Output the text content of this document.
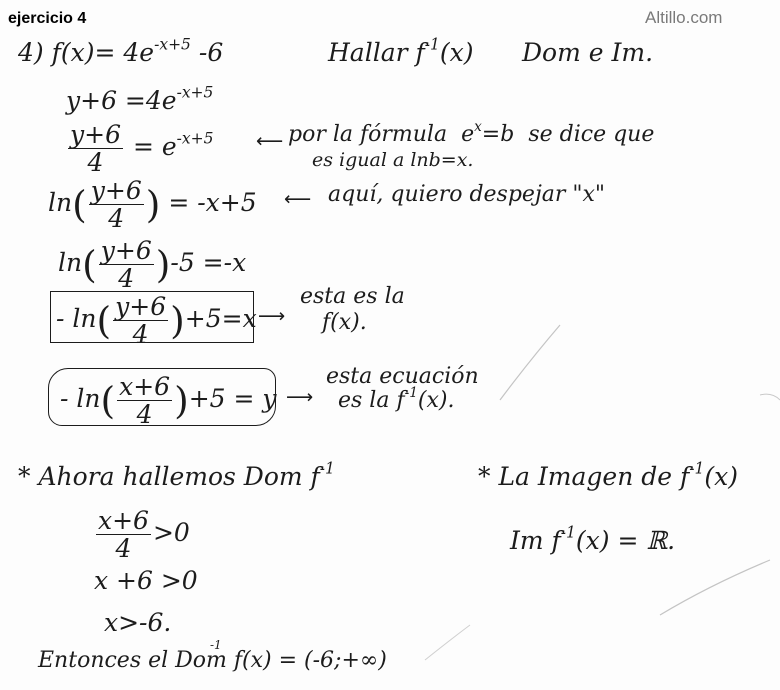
ejercicio 4	Altillo.com
4) $f(x)= 4e^{-x+5}$ -6	Hallar $f^{-1}(x)$ Dom e Im.
$y+6 =4e^{-x+5}$
$\frac{y+6}{4} = e^{-x+5}$ ⟵ por la fórmula $e^x=b$ se dice que
es igual a lnb=x.
$\ln( \frac{y+6}{4}$ ) = -x+5 ⟵ aquí, quiero despejar "x"
$\ln( \frac{y+6}{4} )-5 =-x$
- $\ln( \frac{y+6}{4} )+5=x$ ⟶
esta es la
f(x).
- $\ln( \frac{x+6}{4} )+5 = y$ ⟶
esta ecuación
es la $f^{-1}(x)$.
* Ahora hallemos Dom $f^{-1}$
$\frac{x+6}{4} >0$
x +6 >0
x>-6.
Entonces el Dom f(x) = (-6;+∞)
-1
* La Imagen de $f^{-1}(x)$
Im $f^{-1}(x)$ = ℝ.
